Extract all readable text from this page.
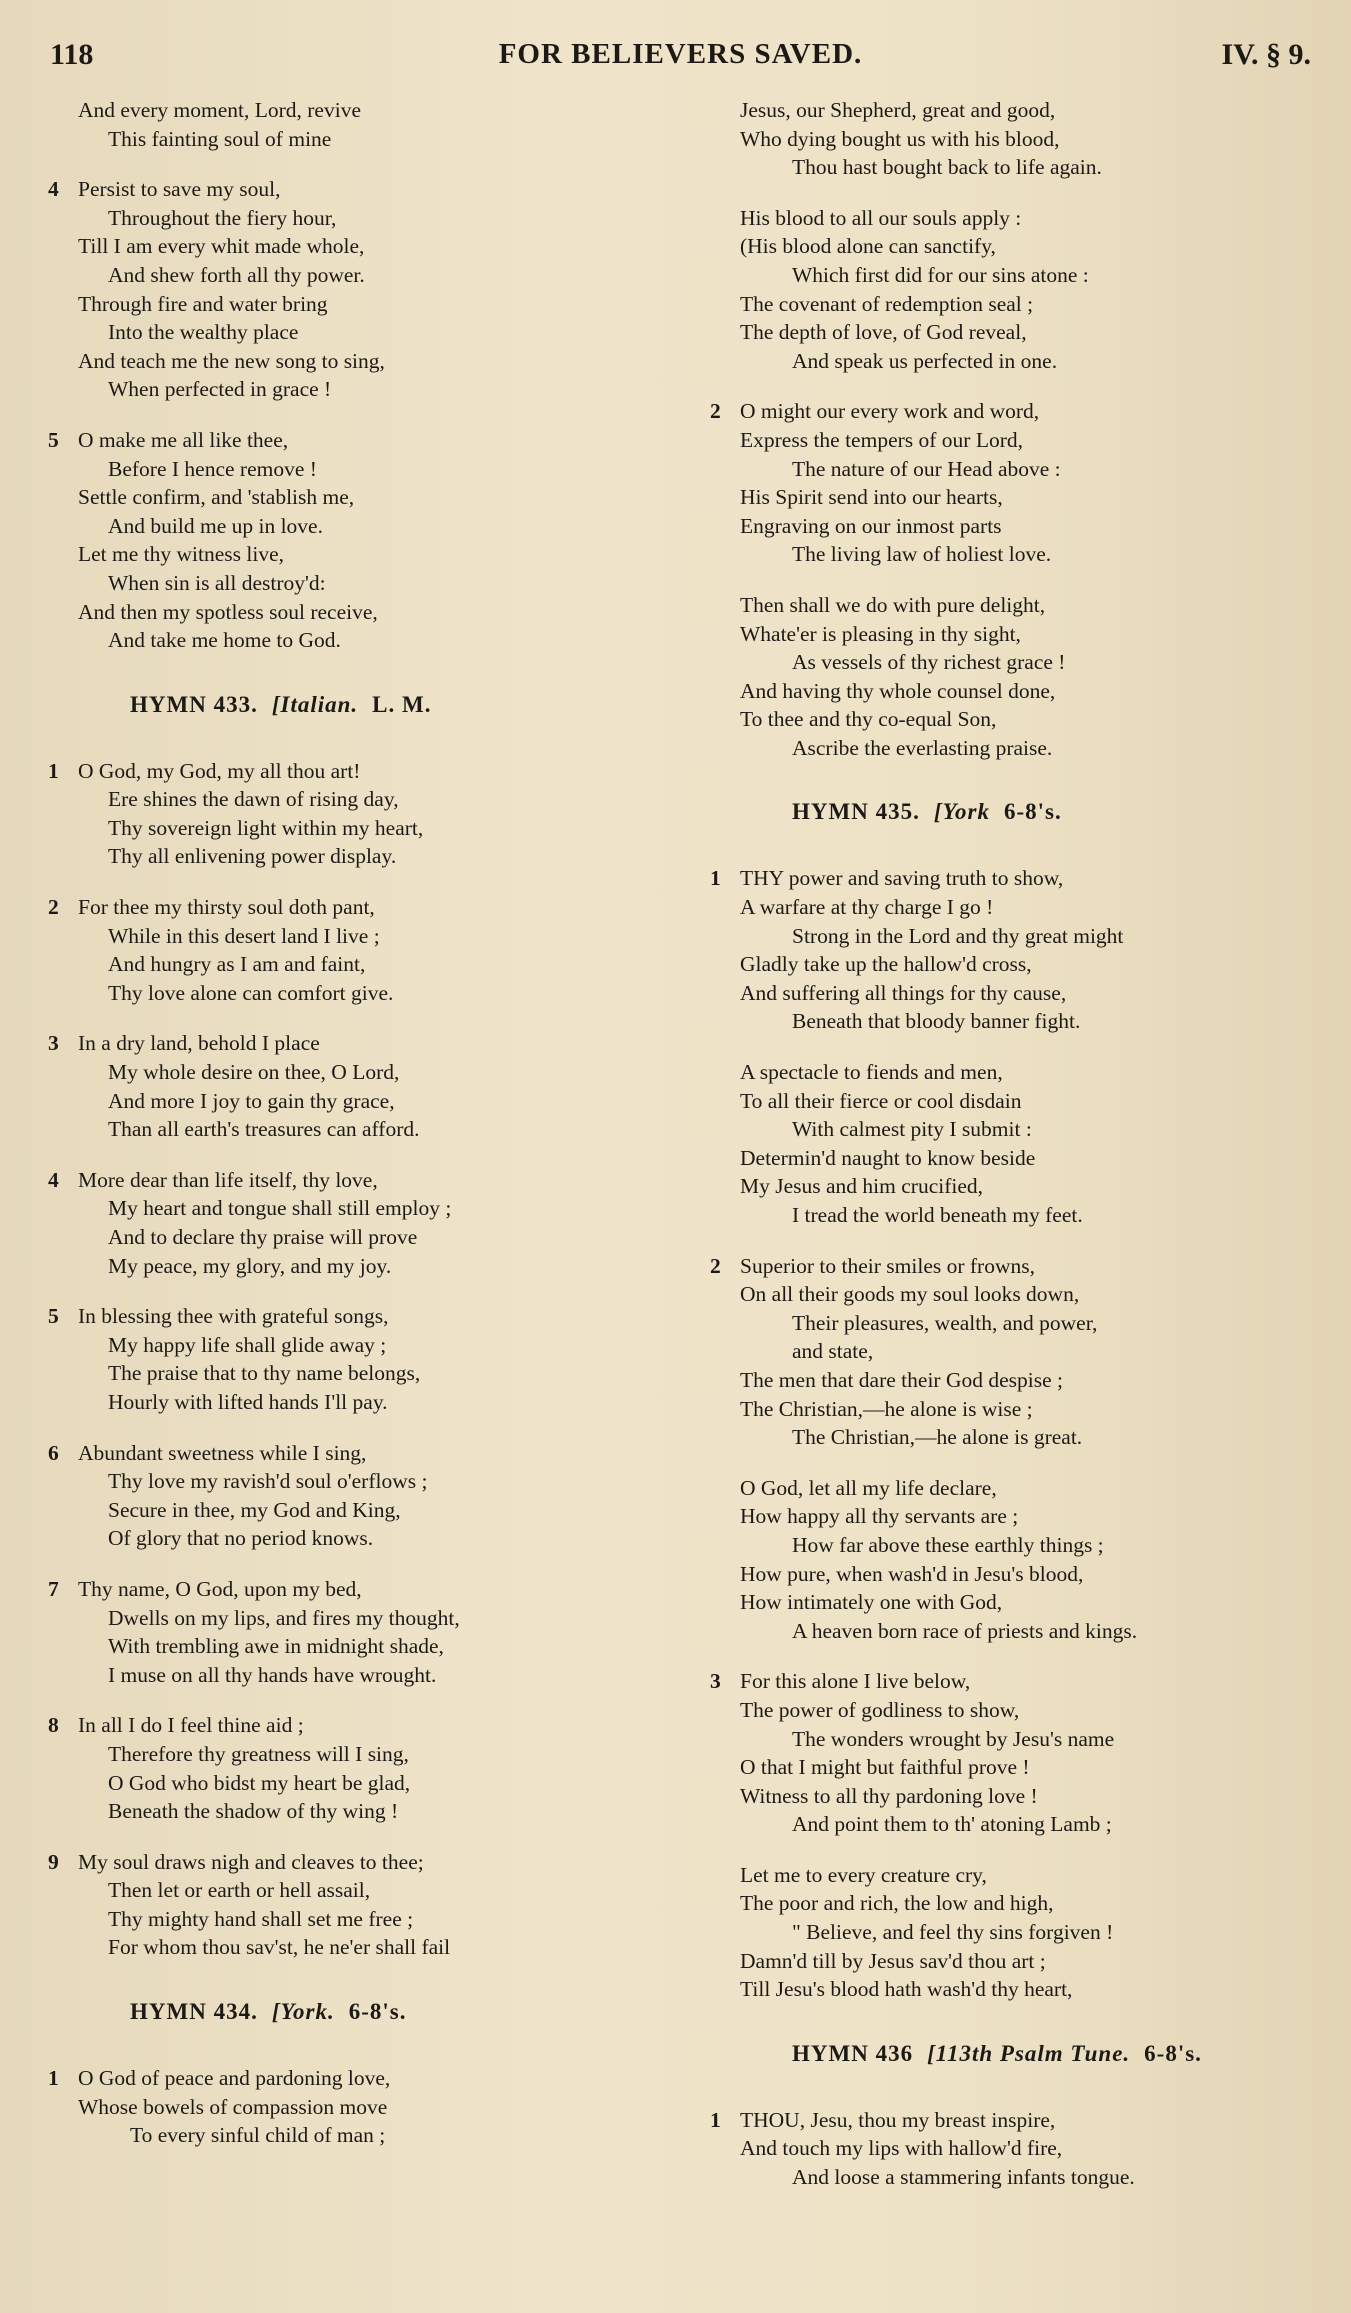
118	FOR BELIEVERS SAVED.	IV. § 9.
And every moment, Lord, revive
This fainting soul of mine
4 Persist to save my soul,
Throughout the fiery hour,
Till I am every whit made whole,
And shew forth all thy power.
Through fire and water bring
Into the wealthy place
And teach me the new song to sing,
When perfected in grace !
5 O make me all like thee,
Before I hence remove !
Settle confirm, and 'stablish me,
And build me up in love.
Let me thy witness live,
When sin is all destroy'd:
And then my spotless soul receive,
And take me home to God.
HYMN 433. [Italian. L. M.
1 O God, my God, my all thou art!
Ere shines the dawn of rising day,
Thy sovereign light within my heart,
Thy all enlivening power display.
2 For thee my thirsty soul doth pant,
While in this desert land I live ;
And hungry as I am and faint,
Thy love alone can comfort give.
3 In a dry land, behold I place
My whole desire on thee, O Lord,
And more I joy to gain thy grace,
Than all earth's treasures can afford.
4 More dear than life itself, thy love,
My heart and tongue shall still employ ;
And to declare thy praise will prove
My peace, my glory, and my joy.
5 In blessing thee with grateful songs,
My happy life shall glide away ;
The praise that to thy name belongs,
Hourly with lifted hands I'll pay.
6 Abundant sweetness while I sing,
Thy love my ravish'd soul o'erflows ;
Secure in thee, my God and King,
Of glory that no period knows.
7 Thy name, O God, upon my bed,
Dwells on my lips, and fires my thought,
With trembling awe in midnight shade,
I muse on all thy hands have wrought.
8 In all I do I feel thine aid ;
Therefore thy greatness will I sing,
O God who bidst my heart be glad,
Beneath the shadow of thy wing !
9 My soul draws nigh and cleaves to thee;
Then let or earth or hell assail,
Thy mighty hand shall set me free ;
For whom thou sav'st, he ne'er shall fail
HYMN 434. [York. 6-8's.
1 O God of peace and pardoning love,
Whose bowels of compassion move
To every sinful child of man ;
Jesus, our Shepherd, great and good,
Who dying bought us with his blood,
Thou hast bought back to life again.
His blood to all our souls apply :
(His blood alone can sanctify,
Which first did for our sins atone :
The covenant of redemption seal ;
The depth of love, of God reveal,
And speak us perfected in one.
2 O might our every work and word,
Express the tempers of our Lord,
The nature of our Head above :
His Spirit send into our hearts,
Engraving on our inmost parts
The living law of holiest love.
Then shall we do with pure delight,
Whate'er is pleasing in thy sight,
As vessels of thy richest grace !
And having thy whole counsel done,
To thee and thy co-equal Son,
Ascribe the everlasting praise.
HYMN 435. [York 6-8's.
1 THY power and saving truth to show,
A warfare at thy charge I go !
Strong in the Lord and thy great might
Gladly take up the hallow'd cross,
And suffering all things for thy cause,
Beneath that bloody banner fight.
A spectacle to fiends and men,
To all their fierce or cool disdain
With calmest pity I submit :
Determin'd naught to know beside
My Jesus and him crucified,
I tread the world beneath my feet.
2 Superior to their smiles or frowns,
On all their goods my soul looks down,
Their pleasures, wealth, and power,
and state,
The men that dare their God despise ;
The Christian,—he alone is wise ;
The Christian,—he alone is great.
O God, let all my life declare,
How happy all thy servants are ;
How far above these earthly things ;
How pure, when wash'd in Jesu's blood,
How intimately one with God,
A heaven born race of priests and kings.
3 For this alone I live below,
The power of godliness to show,
The wonders wrought by Jesu's name
O that I might but faithful prove !
Witness to all thy pardoning love !
And point them to th' atoning Lamb ;
Let me to every creature cry,
The poor and rich, the low and high,
" Believe, and feel thy sins forgiven !
Damn'd till by Jesus sav'd thou art ;
Till Jesu's blood hath wash'd thy heart,
HYMN 436 [113th Psalm Tune. 6-8's.
1 THOU, Jesu, thou my breast inspire,
And touch my lips with hallow'd fire,
And loose a stammering infants tongue.
